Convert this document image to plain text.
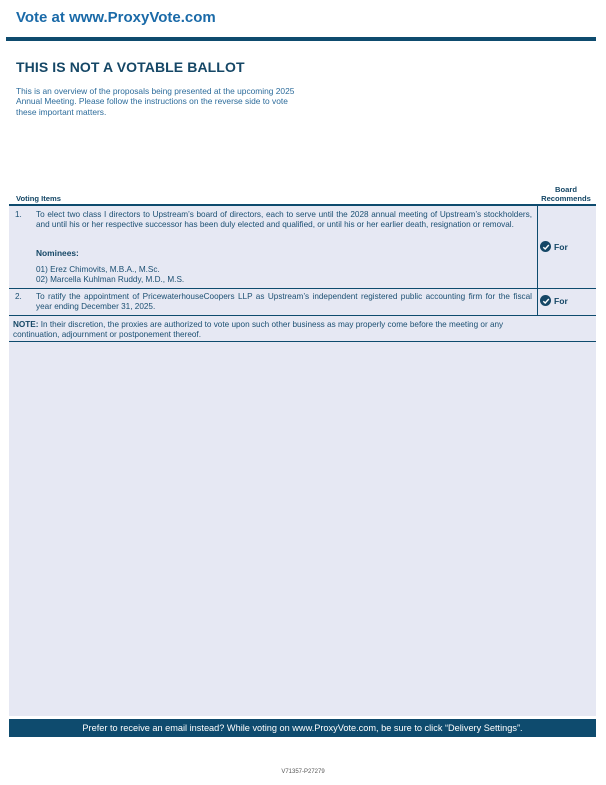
Vote at www.ProxyVote.com
THIS IS NOT A VOTABLE BALLOT
This is an overview of the proposals being presented at the upcoming 2025 Annual Meeting. Please follow the instructions on the reverse side to vote these important matters.
Voting Items
Board Recommends
1. To elect two class I directors to Upstream’s board of directors, each to serve until the 2028 annual meeting of Upstream’s stockholders, and until his or her respective successor has been duly elected and qualified, or until his or her earlier death, resignation or removal.
Nominees:
01) Erez Chimovits, M.B.A., M.Sc.
02) Marcella Kuhlman Ruddy, M.D., M.S.
For
2. To ratify the appointment of PricewaterhouseCoopers LLP as Upstream’s independent registered public accounting firm for the fiscal year ending December 31, 2025.
For
NOTE: In their discretion, the proxies are authorized to vote upon such other business as may properly come before the meeting or any continuation, adjournment or postponement thereof.
Prefer to receive an email instead? While voting on www.ProxyVote.com, be sure to click “Delivery Settings”.
V71357-P27279
